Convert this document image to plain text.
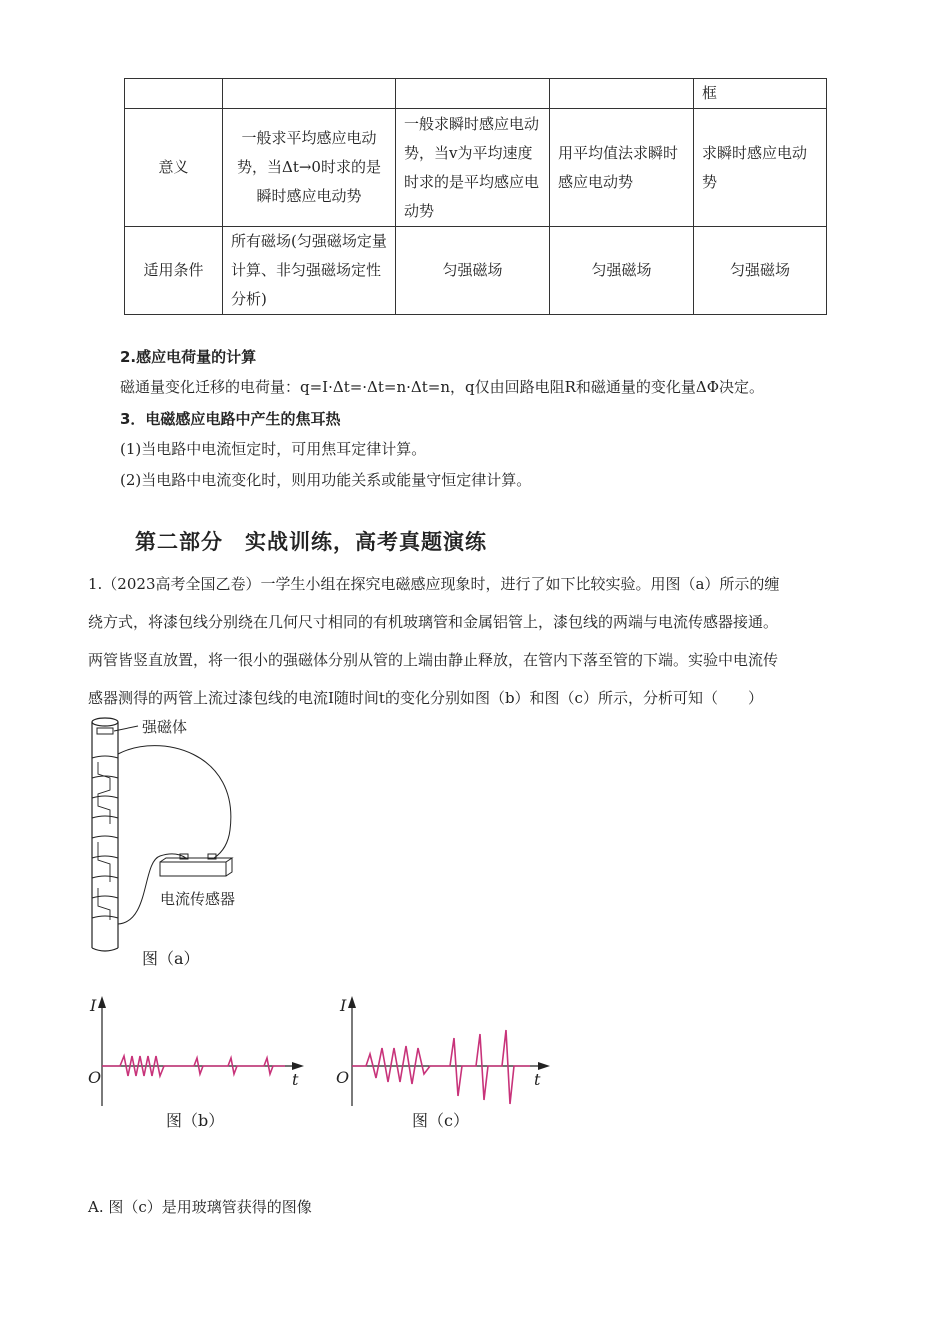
				框
意义	一般求平均感应电动势，当Δt→0时求的是瞬时感应电动势	一般求瞬时感应电动势，当v为平均速度时求的是平均感应电动势	用平均值法求瞬时感应电动势	求瞬时感应电动势
适用条件	所有磁场(匀强磁场定量计算、非匀强磁场定性分析)	匀强磁场	匀强磁场	匀强磁场
2.感应电荷量的计算
磁通量变化迁移的电荷量：q=I·Δt=·Δt=n·Δt=n，q仅由回路电阻R和磁通量的变化量ΔΦ决定。
3．电磁感应电路中产生的焦耳热
(1)当电路中电流恒定时，可用焦耳定律计算。
(2)当电路中电流变化时，则用功能关系或能量守恒定律计算。
第二部分　实战训练，高考真题演练
1.（2023高考全国乙卷）一学生小组在探究电磁感应现象时，进行了如下比较实验。用图（a）所示的缠
绕方式，将漆包线分别绕在几何尺寸相同的有机玻璃管和金属铝管上，漆包线的两端与电流传感器接通。
两管皆竖直放置，将一很小的强磁体分别从管的上端由静止释放，在管内下落至管的下端。实验中电流传
感器测得的两管上流过漆包线的电流I随时间t的变化分别如图（b）和图（c）所示，分析可知（　　）
强磁体
电流传感器
图（a）
I
O	t
图（b）
I
O	t
图（c）
A. 图（c）是用玻璃管获得的图像
